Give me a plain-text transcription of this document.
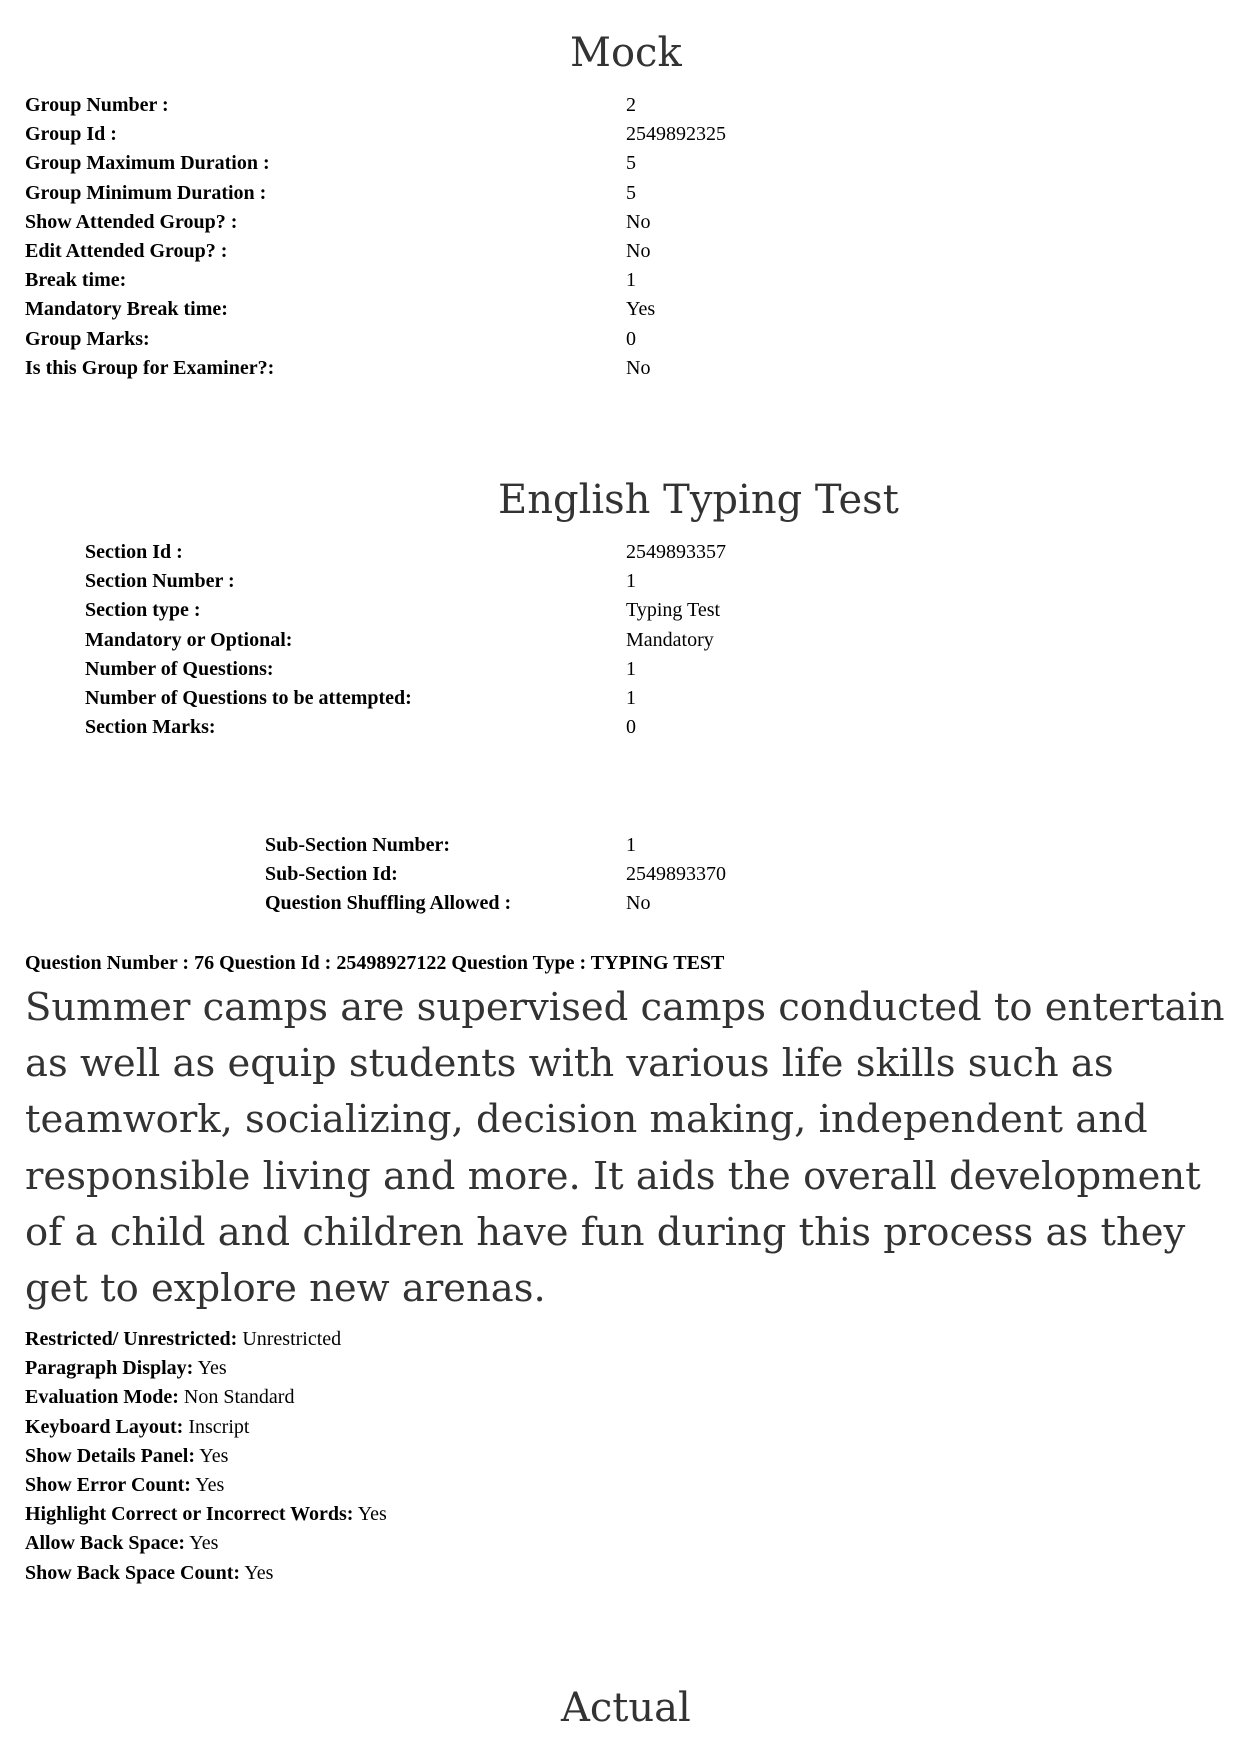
Mock
Group Number :	2
Group Id :	2549892325
Group Maximum Duration :	5
Group Minimum Duration :	5
Show Attended Group? :	No
Edit Attended Group? :	No
Break time:	1
Mandatory Break time:	Yes
Group Marks:	0
Is this Group for Examiner?:	No
English Typing Test
Section Id :	2549893357
Section Number :	1
Section type :	Typing Test
Mandatory or Optional:	Mandatory
Number of Questions:	1
Number of Questions to be attempted:	1
Section Marks:	0
Sub-Section Number:	1
Sub-Section Id:	2549893370
Question Shuffling Allowed :	No
Question Number : 76 Question Id : 25498927122 Question Type : TYPING TEST
Summer camps are supervised camps conducted to entertain
as well as equip students with various life skills such as
teamwork, socializing, decision making, independent and
responsible living and more. It aids the overall development
of a child and children have fun during this process as they
get to explore new arenas.
Restricted/ Unrestricted: Unrestricted
Paragraph Display: Yes
Evaluation Mode: Non Standard
Keyboard Layout: Inscript
Show Details Panel: Yes
Show Error Count: Yes
Highlight Correct or Incorrect Words: Yes
Allow Back Space: Yes
Show Back Space Count: Yes
Actual
